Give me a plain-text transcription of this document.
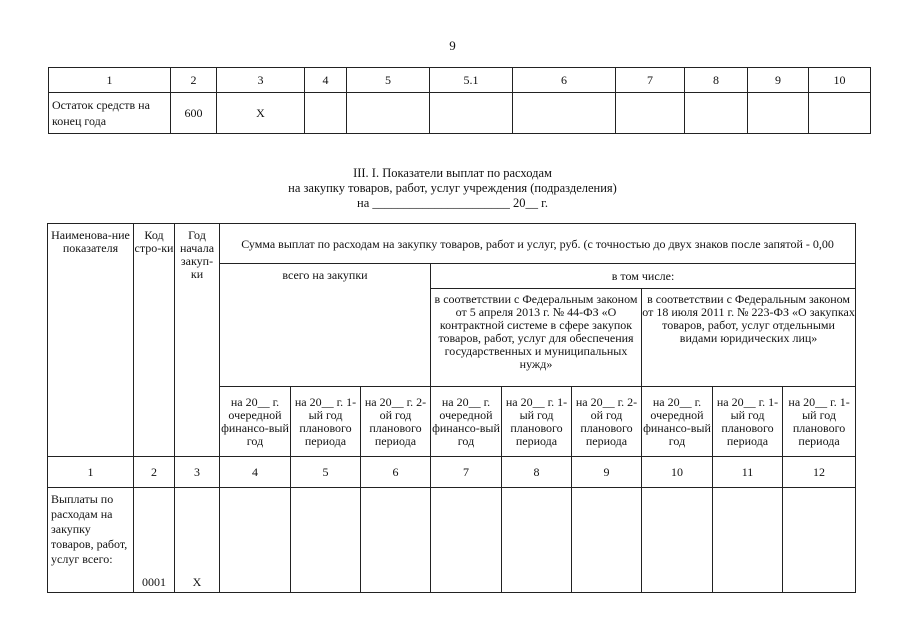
9
1	2	3	4	5	5.1	6	7	8	9	10
Остаток средств на конец года	600	X								
III. I. Показатели выплат по расходам
на закупку товаров, работ, услуг учреждения (подразделения)
на ______________________ 20__ г.
Наименова-ние показателя	Код стро-ки	Год начала закуп-ки	Сумма выплат по расходам на закупку товаров, работ и услуг, руб. (с точностью до двух знаков после запятой - 0,00								
			всего на закупки			в том числе:					
						в соответствии с Федеральным законом от 5 апреля 2013 г. № 44-ФЗ «О контрактной системе в сфере закупок товаров, работ, услуг для обеспечения государственных и муниципальных нужд»			в соответствии с Федеральным законом от 18 июля 2011 г. № 223-ФЗ «О закупках товаров, работ, услуг отдельными видами юридических лиц»		
			на 20__ г. очередной финансо-вый год	на 20__ г. 1-ый год планового периода	на 20__ г. 2-ой год планового периода	на 20__ г. очередной финансо-вый год	на 20__ г. 1-ый год планового периода	на 20__ г. 2-ой год планового периода	на 20__ г. очередной финансо-вый год	на 20__ г. 1-ый год планового периода	на 20__ г. 1-ый год планового периода
1	2	3	4	5	6	7	8	9	10	11	12
Выплаты по расходам на закупку товаров, работ, услуг всего:	0001	X									
